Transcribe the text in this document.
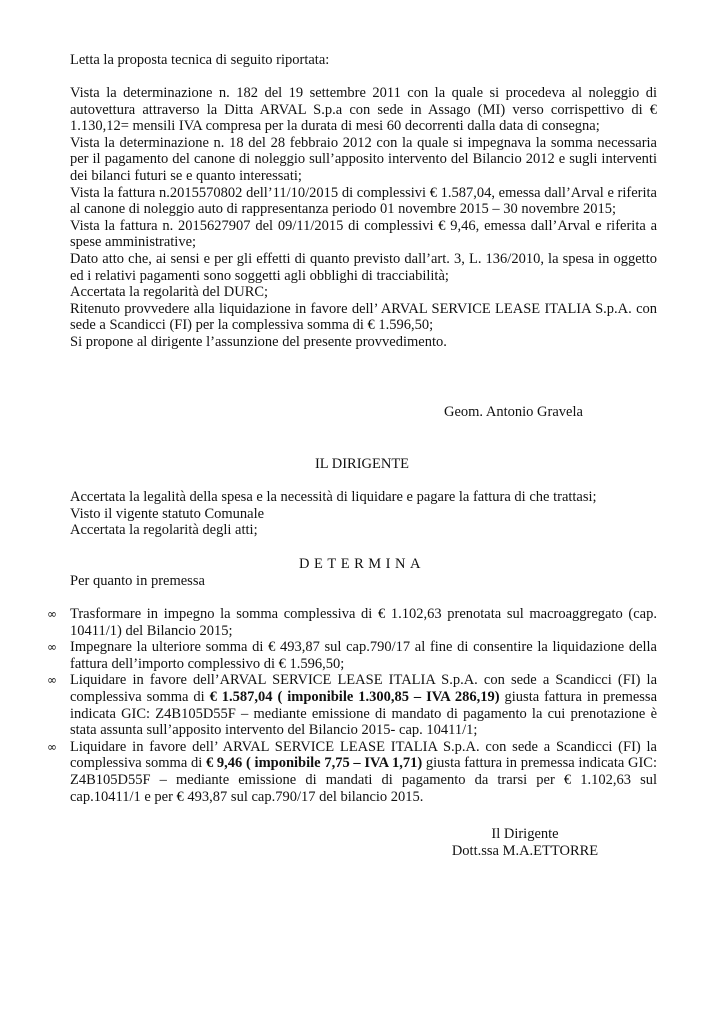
Letta la proposta tecnica di seguito riportata:

Vista la determinazione n. 182 del 19 settembre 2011 con la quale si procedeva al noleggio di autovettura attraverso la Ditta ARVAL S.p.a con sede in Assago (MI) verso corrispettivo di € 1.130,12= mensili IVA compresa per la durata di mesi 60 decorrenti dalla data di consegna;

Vista la determinazione n. 18 del 28 febbraio 2012 con la quale si impegnava la somma necessaria per il pagamento del canone di noleggio sull’apposito intervento del Bilancio 2012 e sugli interventi dei bilanci futuri se e quanto interessati;

Vista la fattura n.2015570802 dell’11/10/2015 di complessivi € 1.587,04, emessa dall’Arval e riferita al canone di noleggio auto di rappresentanza periodo 01 novembre 2015 – 30 novembre 2015;

Vista la fattura n. 2015627907 del 09/11/2015 di complessivi € 9,46, emessa dall’Arval e riferita a spese amministrative;

Dato atto che, ai sensi e per gli effetti di quanto previsto dall’art. 3, L. 136/2010, la spesa in oggetto ed i relativi pagamenti sono soggetti agli obblighi di tracciabilità;

Accertata la regolarità del DURC;

Ritenuto provvedere alla liquidazione in favore dell’ ARVAL SERVICE LEASE ITALIA S.p.A. con sede a Scandicci (FI) per la complessiva somma di € 1.596,50;

Si propone al dirigente l’assunzione del presente provvedimento.

Geom. Antonio Gravela
IL DIRIGENTE

Accertata la legalità della spesa e la necessità di liquidare e pagare la fattura di che trattasi;

Visto il vigente statuto Comunale

Accertata la regolarità degli atti;

DETERMINA
Per quanto in premessa

∞ Trasformare in impegno la somma complessiva di € 1.102,63 prenotata sul macroaggregato (cap. 10411/1) del Bilancio 2015;

∞ Impegnare la ulteriore somma di € 493,87 sul cap.790/17 al fine di consentire la liquidazione della fattura dell’importo complessivo di € 1.596,50;

∞ Liquidare in favore dell’ARVAL SERVICE LEASE ITALIA S.p.A. con sede a Scandicci (FI) la complessiva somma di € 1.587,04 ( imponibile 1.300,85 – IVA 286,19) giusta fattura in premessa indicata GIC: Z4B105D55F – mediante emissione di mandato di pagamento la cui prenotazione è stata assunta sull’apposito intervento del Bilancio 2015- cap. 10411/1;

∞ Liquidare in favore dell’ ARVAL SERVICE LEASE ITALIA S.p.A. con sede a Scandicci (FI) la complessiva somma di € 9,46 ( imponibile 7,75 – IVA 1,71) giusta fattura in premessa indicata GIC: Z4B105D55F – mediante emissione di mandati di pagamento da trarsi per € 1.102,63 sul cap.10411/1 e per € 493,87 sul cap.790/17 del bilancio 2015.

Il Dirigente
Dott.ssa M.A.ETTORRE
